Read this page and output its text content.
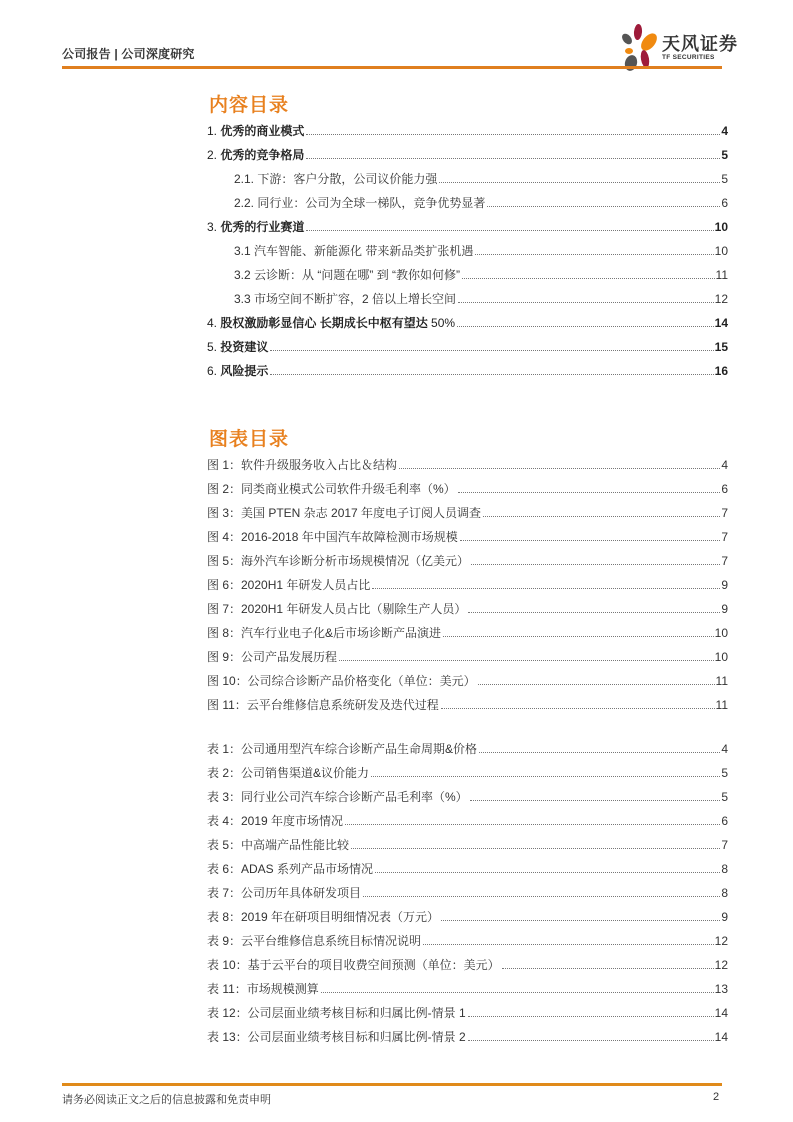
公司报告 | 公司深度研究	天风证券
TF SECURITIES
内容目录
1. 优秀的商业模式	4
2. 优秀的竞争格局	5
2.1. 下游：客户分散，公司议价能力强	5
2.2. 同行业：公司为全球一梯队，竞争优势显著	6
3. 优秀的行业赛道	10
3.1 汽车智能、新能源化 带来新品类扩张机遇	10
3.2 云诊断：从 “问题在哪” 到 “教你如何修”	11
3.3 市场空间不断扩容，2 倍以上增长空间	12
4. 股权激励彰显信心 长期成长中枢有望达 50%	14
5. 投资建议	15
6. 风险提示	16
图表目录
图 1：软件升级服务收入占比＆结构	4
图 2：同类商业模式公司软件升级毛利率（%）	6
图 3：美国 PTEN 杂志 2017 年度电子订阅人员调查	7
图 4：2016-2018 年中国汽车故障检测市场规模	7
图 5：海外汽车诊断分析市场规模情况（亿美元）	7
图 6：2020H1 年研发人员占比	9
图 7：2020H1 年研发人员占比（剔除生产人员）	9
图 8：汽车行业电子化&后市场诊断产品演进	10
图 9：公司产品发展历程	10
图 10：公司综合诊断产品价格变化（单位：美元）	11
图 11：云平台维修信息系统研发及迭代过程	11
表 1：公司通用型汽车综合诊断产品生命周期&价格	4
表 2：公司销售渠道&议价能力	5
表 3：同行业公司汽车综合诊断产品毛利率（%）	5
表 4：2019 年度市场情况	6
表 5：中高端产品性能比较	7
表 6：ADAS 系列产品市场情况	8
表 7：公司历年具体研发项目	8
表 8：2019 年在研项目明细情况表（万元）	9
表 9：云平台维修信息系统目标情况说明	12
表 10：基于云平台的项目收费空间预测（单位：美元）	12
表 11：市场规模测算	13
表 12：公司层面业绩考核目标和归属比例-情景 1	14
表 13：公司层面业绩考核目标和归属比例-情景 2	14
请务必阅读正文之后的信息披露和免责申明	2
